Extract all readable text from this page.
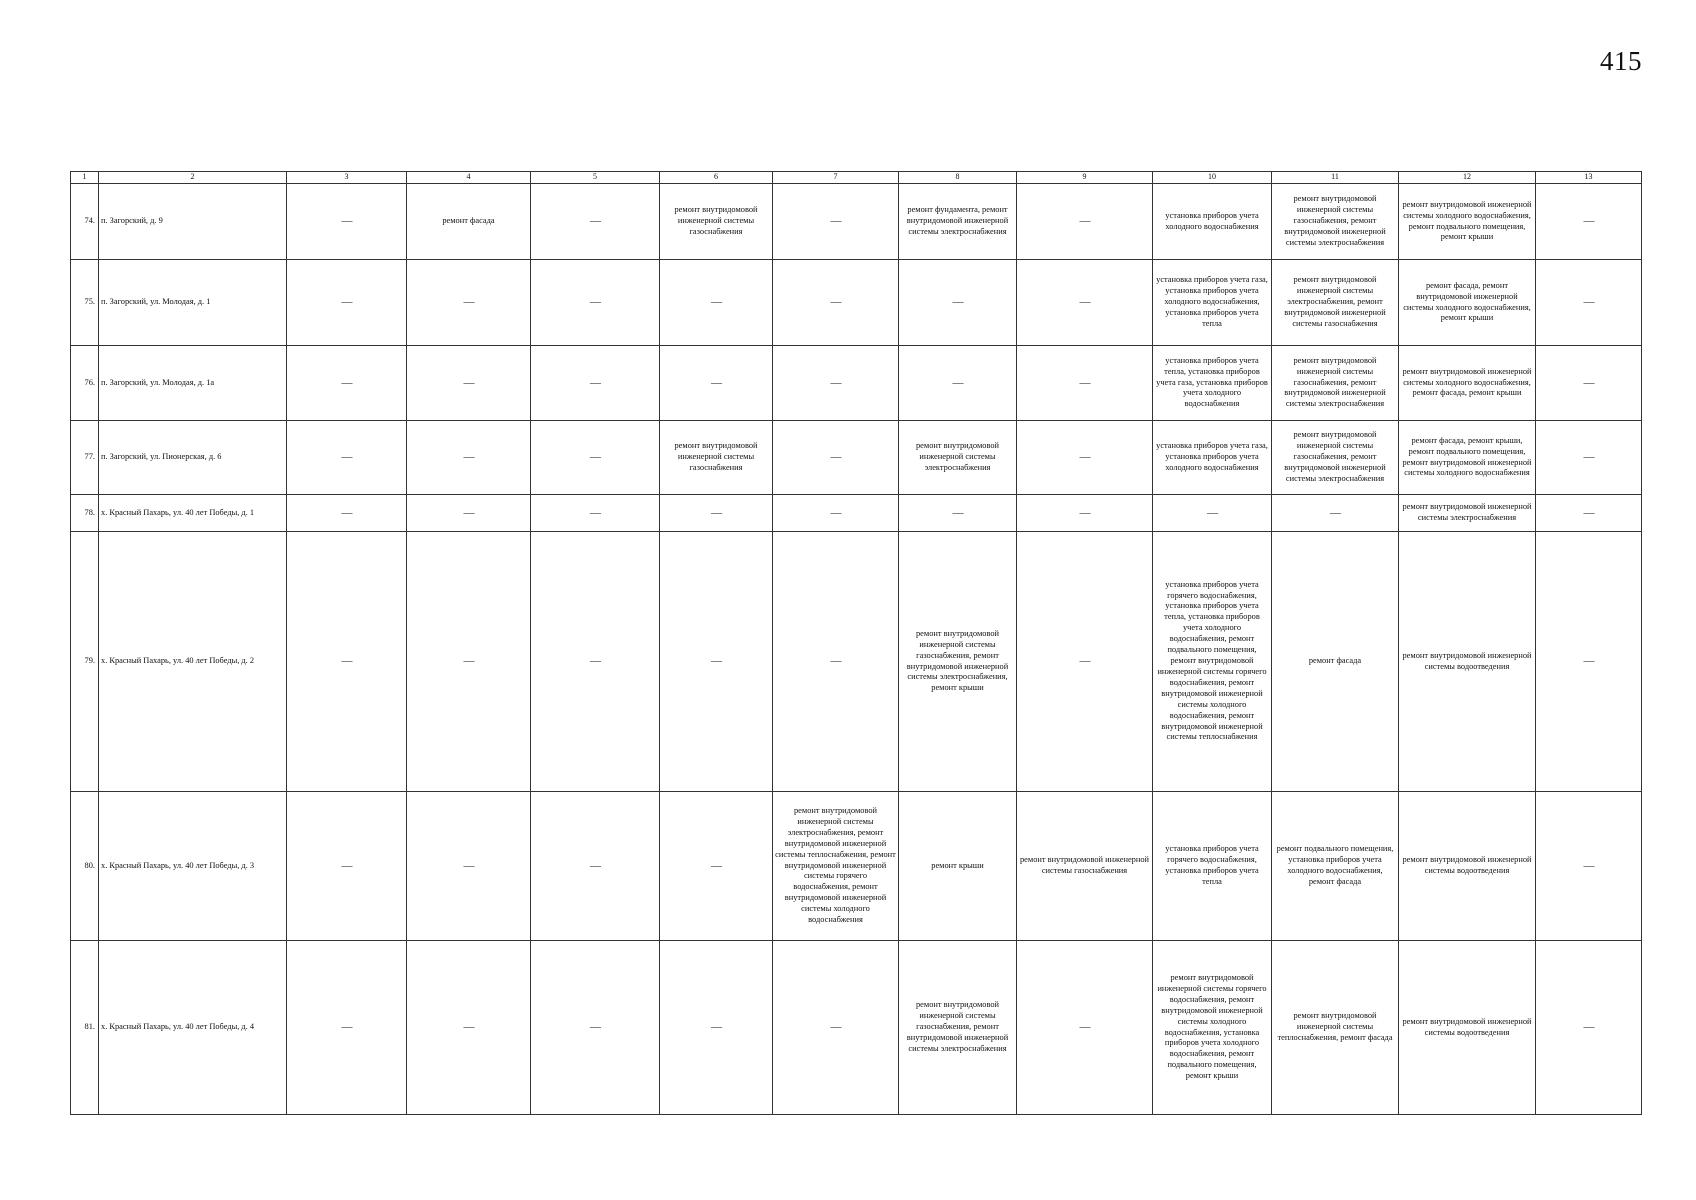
415
1	2	3	4	5	6	7	8	9	10	11	12	13
74.	п. Загорский, д. 9	—	ремонт фасада	—	ремонт внутридомовой инженерной системы газоснабжения	—	ремонт фундамента, ремонт внутридомовой инженерной системы электроснабжения	—	установка приборов учета холодного водоснабжения	ремонт внутридомовой инженерной системы газоснабжения, ремонт внутридомовой инженерной системы электроснабжения	ремонт внутридомовой инженерной системы холодного водоснабжения, ремонт подвального помещения, ремонт крыши	—
75.	п. Загорский, ул. Молодая, д. 1	—	—	—	—	—	—	—	установка приборов учета газа, установка приборов учета холодного водоснабжения, установка приборов учета тепла	ремонт внутридомовой инженерной системы электроснабжения, ремонт внутридомовой инженерной системы газоснабжения	ремонт фасада, ремонт внутридомовой инженерной системы холодного водоснабжения, ремонт крыши	—
76.	п. Загорский, ул. Молодая, д. 1а	—	—	—	—	—	—	—	установка приборов учета тепла, установка приборов учета газа, установка приборов учета холодного водоснабжения	ремонт внутридомовой инженерной системы газоснабжения, ремонт внутридомовой инженерной системы электроснабжения	ремонт внутридомовой инженерной системы холодного водоснабжения, ремонт фасада, ремонт крыши	—
77.	п. Загорский, ул. Пионерская, д. 6	—	—	—	ремонт внутридомовой инженерной системы газоснабжения	—	ремонт внутридомовой инженерной системы электроснабжения	—	установка приборов учета газа, установка приборов учета холодного водоснабжения	ремонт внутридомовой инженерной системы газоснабжения, ремонт внутридомовой инженерной системы электроснабжения	ремонт фасада, ремонт крыши, ремонт подвального помещения, ремонт внутридомовой инженерной системы холодного водоснабжения	—
78.	х. Красный Пахарь, ул. 40 лет Победы, д. 1	—	—	—	—	—	—	—	—	—	ремонт внутридомовой инженерной системы электроснабжения	—
79.	х. Красный Пахарь, ул. 40 лет Победы, д. 2	—	—	—	—	—	ремонт внутридомовой инженерной системы газоснабжения, ремонт внутридомовой инженерной системы электроснабжения, ремонт крыши	—	установка приборов учета горячего водоснабжения, установка приборов учета тепла, установка приборов учета холодного водоснабжения, ремонт подвального помещения, ремонт внутридомовой инженерной системы горячего водоснабжения, ремонт внутридомовой инженерной системы холодного водоснабжения, ремонт внутридомовой инженерной системы теплоснабжения	ремонт фасада	ремонт внутридомовой инженерной системы водоотведения	—
80.	х. Красный Пахарь, ул. 40 лет Победы, д. 3	—	—	—	—	ремонт внутридомовой инженерной системы электроснабжения, ремонт внутридомовой инженерной системы теплоснабжения, ремонт внутридомовой инженерной системы горячего водоснабжения, ремонт внутридомовой инженерной системы холодного водоснабжения	ремонт крыши	ремонт внутридомовой инженерной системы газоснабжения	установка приборов учета горячего водоснабжения, установка приборов учета тепла	ремонт подвального помещения, установка приборов учета холодного водоснабжения, ремонт фасада	ремонт внутридомовой инженерной системы водоотведения	—
81.	х. Красный Пахарь, ул. 40 лет Победы, д. 4	—	—	—	—	—	ремонт внутридомовой инженерной системы газоснабжения, ремонт внутридомовой инженерной системы электроснабжения	—	ремонт внутридомовой инженерной системы горячего водоснабжения, ремонт внутридомовой инженерной системы холодного водоснабжения, установка приборов учета холодного водоснабжения, ремонт подвального помещения, ремонт крыши	ремонт внутридомовой инженерной системы теплоснабжения, ремонт фасада	ремонт внутридомовой инженерной системы водоотведения	—
